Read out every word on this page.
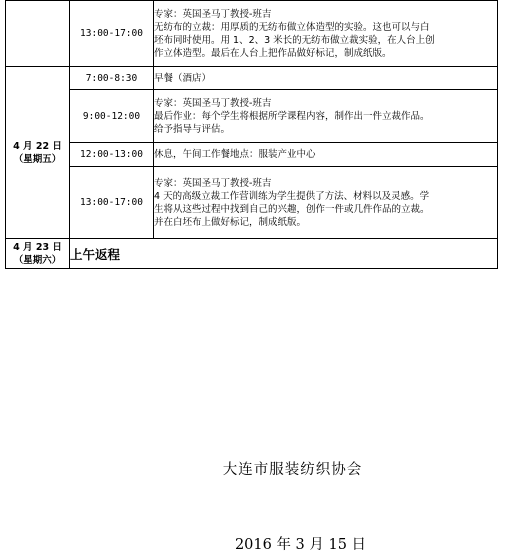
	13:00-17:00	专家：英国圣马丁教授-班吉
无纺布的立裁：用厚质的无纺布做立体造型的实验。这也可以与白
坯布同时使用。用 1、2、3 米长的无纺布做立裁实验，在人台上创
作立体造型。最后在人台上把作品做好标记，制成纸版。

4 月 22 日
（星期五）	7:00-8:30	早餐（酒店）

	9:00-12:00	专家：英国圣马丁教授-班吉
最后作业：每个学生将根据所学课程内容，制作出一件立裁作品。
给予指导与评估。

	12:00-13:00	休息，午间工作餐地点：服装产业中心

	13:00-17:00	专家：英国圣马丁教授-班吉
4 天的高级立裁工作营训练为学生提供了方法、材料以及灵感。学
生将从这些过程中找到自己的兴趣，创作一件或几件作品的立裁。
并在白坯布上做好标记，制成纸版。

4 月 23 日
（星期六）	上午返程	
大连市服装纺织协会
2016 年 3 月 15 日
